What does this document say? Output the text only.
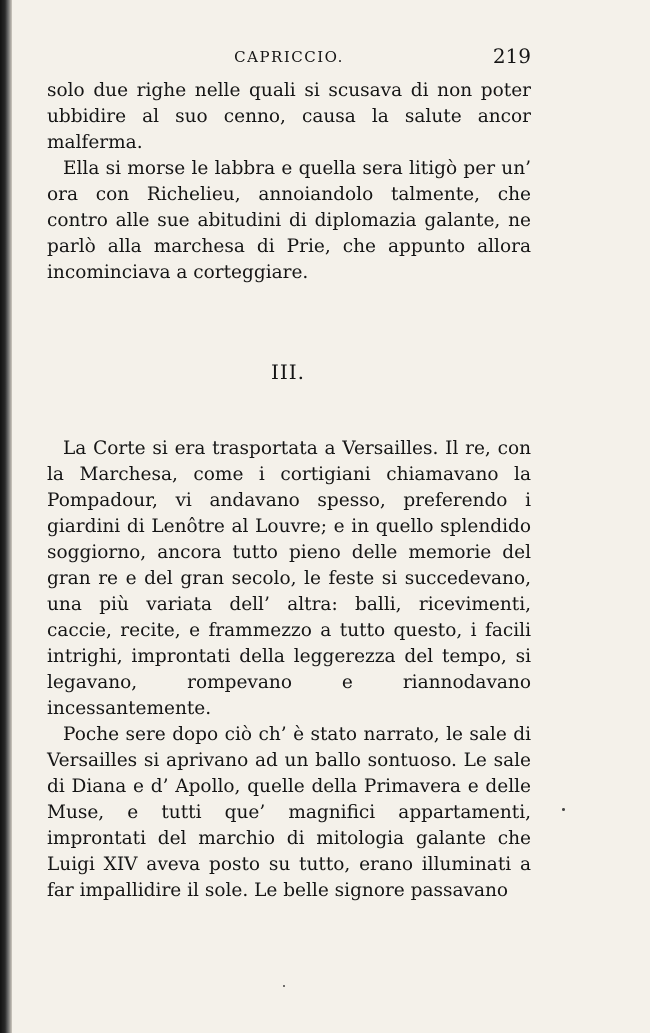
CAPRICCIO.	219

solo due righe nelle quali si scusava di non poter ubbidire al suo cenno, causa la salute ancor malferma.

Ella si morse le labbra e quella sera litigò per un’ ora con Richelieu, annoiandolo talmente, che contro alle sue abitudini di diplomazia galante, ne parlò alla marchesa di Prie, che appunto allora incominciava a corteggiare.

III.

La Corte si era trasportata a Versailles. Il re, con la Marchesa, come i cortigiani chiamavano la Pompadour, vi andavano spesso, preferendo i giardini di Lenôtre al Louvre; e in quello splendido soggiorno, ancora tutto pieno delle memorie del gran re e del gran secolo, le feste si succedevano, una più variata dell’ altra: balli, ricevimenti, caccie, recite, e frammezzo a tutto questo, i facili intrighi, improntati della leggerezza del tempo, si legavano, rompevano e riannodavano incessantemente.

Poche sere dopo ciò ch’ è stato narrato, le sale di Versailles si aprivano ad un ballo sontuoso. Le sale di Diana e d’ Apollo, quelle della Primavera e delle Muse, e tutti que’ magnifici appartamenti, improntati del marchio di mitologia galante che Luigi XIV aveva posto su tutto, erano illuminati a far impallidire il sole. Le belle signore passavano
